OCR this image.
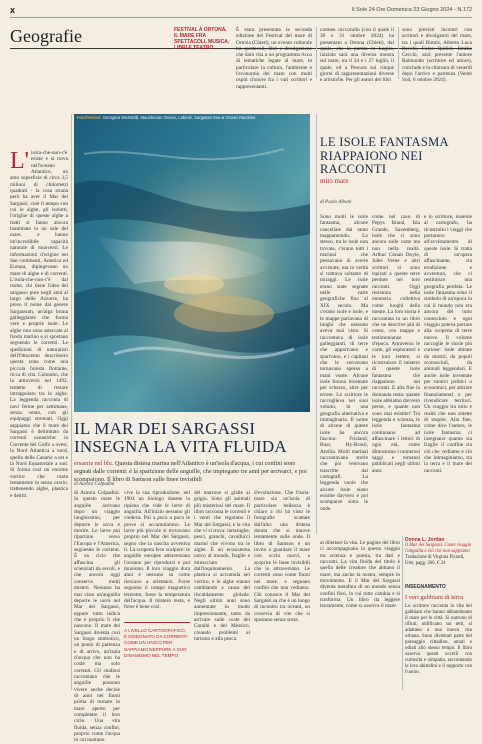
x	Il Sole 24 Ore Domenica 23 Giugno 2024 - N.172
Geografie	FESTIVAL A ORTONA. IL MARE FRA SPETTACOLI, MUSICA, LIBRI E TEATRO
È stata presentata la seconda edizione del Festival del mare di Ortona (Chieti), un evento culturale tra spettacoli, libri e divulgazione che darà vita a un programma ricco di tematiche legate al mare, in particolare la cultura, l'ambiente e l'economia del mare con molti ospiti d'onore fra i vari scrittori e rappresentanti.
carmen cuccurullo (con il quale il 30 e 31 ottobre 2024) ha presentato a Ortona (Chieti), dal quale, che la partita in Luglio, iniziato sarà una diversa mostra sul mare, tra il 24 e i 27 luglio, il quale, ed a Pescara sui cinque giorni di rappresentazioni diverse e artistiche. Per gli autori dei libri
sono previsti incontri con scrittori e divulgatori del mare, tra i quali Rumiz, Alberto Luca Recchi, Folco Quilici, Emilio Cecchi, sarà presente l'autore Raimondo (scrittore ed attore), conclude e la chiusura di venerdì dopo l'arrivo e partenza (Vento Sud, 6 ottobre 2024).
L' isola-che-non-c'è esiste e si trova nell'oceano Atlantico, un amo superficie di circa 3,5 milioni di chilometri quadrati - la cosa strana però ha aver il Mar dei Sargassi, cioè il tempo con cui le alghe, gli isolotti, l'origine di queste alghe a tratti si fanno ancora inanimate in un sole del mare, e hanno un'incredibile capacità naturale di muoversi. Le informazioni d'origine nei due continenti, America ed Europa, dipingevano un mare di alghe e di correnti. L'isola-che-non-c'è dal nome, chi tiene l'idea del sargasso pure negli anni al largo delle Azzorre, ha preso il nome dal genere Sargassum, un'alga bruna galleggiante che forma vere e proprie isole. Le alghe non sono attaccate al fondo marino e si spostano seguendo le correnti. Le spedizioni di naturalisti dell'Ottocento descrissero questa zona come una piccola foresta flottante, ricca di vita. Colombo, che la attraversò nel 1492, temette di restare intrappolato tra le alghe. La leggenda racconta di navi ferme per settimane, senza vento, con gli equipaggi stremati. Oggi sappiamo che il mare dei Sargassi è delimitato da correnti oceaniche: la Corrente del Golfo a ovest, la Nord Atlantica a nord, quella delle Canarie a est e la Nord Equatoriale a sud. Si forma così un enorme vortice che ruota lentamente in senso orario, trattenendo alghe, plastica e detriti.
Fotofestival. Georgina Wickstrål, Mauritanian Ocean, Lübeck, Sargasso Sea & Ocean Rainbow
LE ISOLE FANTASMA RIAPPAIONO NEI RACCONTI
mito mare
di Paolo Albani
Sono molti le isole fantasma, alcune cancellate dai tanto mappamondo. Lo stesso, tra le isole non trovate, c'erano tutti i marinai che pensavano di averle avvistate, ma in verità si trattava soltanto di miraggi. Le isole erano state segnate nelle carte geografiche fino al XIX secolo. Ma c'erano isole e isole, e le mappe parlavano di luoghi che nessuno aveva mai visto. Si raccontava di isole galleggianti, di terre che apparivano e sparivano, e i capitani che le cercavano tornavano spesso a mani vuote. Alcune isole furono inventate per scherzo, altre per errore. Lo scrittore le raccoglieva nei suoi volumi, in una geografia alternativa e immaginaria. Il nome di alcune di queste isole ha ancora fascino: Frisland, Buss, Hy-Brasil, Antilia. Molti marinai raccontavano storie che poi venivano trascritte dai cartografi. La leggenda vuole che alcune isole siano esistite davvero e poi scomparse sotto le onde.
come nel caso di Pepys Island, Isla Grande, Saxemberg, isole che ci sono ancora sulle carte ma non nella realtà. Arthur Conan Doyle, Jules Verne e altri scrittori si sono ispirati a queste terre perdute nei loro racconti. Oggi resistono nella memoria collettiva come luoghi della mente. La loro storia è raccontata in un libro che ne descrive più di cento, con mappe e testimonianze d'epoca. Attraverso le carte, gli esploratori e le loro lettere, si ricostruisce il mistero di queste isole fantasma che riappaiono nei racconti. E alla fine la domanda resta: quante isole abbiamo davvero perso, e quante non sono mai esistite? Tra leggenda e scienza, le isole fantasma continuano ad affascinare i lettori di ogni età, come dimostrano i numerosi saggi e romanzi pubblicati negli ultimi anni.
e lo scrittore, insieme al cartografo, ha ricostruito i viaggi che portarono all'avvistamento di queste isole. Si tratta di un'opera affascinante, tra erudizione e avventura, che ci restituisce una geografia perduta. Le isole fantasma sono il simbolo di un'epoca in cui il mondo non era ancora del tutto conosciuto e ogni viaggio poteva portare alla scoperta di terre nuove. Il volume raccoglie le storie più curiose: isole abitate da mostri, da popoli sconosciuti, da animali leggendari. E anche isole inventate per motivi politici o economici, per attirare finanziamenti o per rivendicare territori. Un viaggio tra mito e realtà che non smette di stupire. Alla fine, come dice l'autore, le isole fantasma ci insegnano quanto sia fragile il confine tra ciò che vediamo e ciò che immaginiamo, tra la terra e il mare dei racconti.
IL MAR DEI SARGASSI INSEGNA LA VITA FLUIDA
ersaerie nel blu. Questa distesa marina nell'Atlantico è un'isola d'acqua, i cui confini sono segnati dalle correnti: è la sparizione delle anguille, che impiegano tre anni per arrivarci, e poi scompaiono. Il libro di Samson sulle linee invisibili
di Aurora Colpadini
di Aurora Colpadini. In questo mare le anguille arrivano dopo un viaggio lunghissimo, per deporre le uova e morire. Le larve poi ripartono verso l'Europa e l'America, seguendo le correnti. È un ciclo che affascina gli scienziati da secoli, e che ancora oggi conserva molti misteri. Nessuno ha mai visto un'anguilla deporre le uova nel Mar dei Sargassi, eppure tutto indica che è proprio lì che nascono. Il mare dei Sargassi diventa così un luogo simbolico, un punto di partenza e di arrivo, un'isola d'acqua che non ha coste ma solo correnti. Gli studiosi raccontano che le anguille possono vivere anche decine di anni nei fiumi prima di tornare in mare aperto per completare il loro ciclo. Una vita fluida, senza confini, proprio come l'acqua in cui nuotano.
vive la sua riproduzione, nel 1904 un biologo danese la ripiena che vide le larve di anguilla. All'inizio nessuno gli credeva. Poi a poco a poco le prove si accumularono. Le larve più piccole si trovavano proprio nel Mar dei Sargassi, segno che la nascita avveniva lì. La scoperta fece scalpore: le anguille europee attraversano l'oceano per riprodursi e poi muoiono. Il loro viaggio dura anni e nessuno sa come riescano a orientarsi. Forse seguono il campo magnetico terrestre, forse la temperatura dell'acqua. Il mistero resta, e forse è bene così.
A LIVELLO CARTOGRAFICO, È DISEGNATO DA CORRENTI COME UN UNICO PER SAPPIAMO NEPPURE A SUO DINAMISMO NEL TEMPO
del marrone si gialle ai grigio. Sono gli animali più misteriosi del mare. Il libro racconta le correnti e i venti che regolano il Mar dei Sargassi, e la vita che vi si trova: tartarughe, pesci, granchi, cavallucci marini che vivono tra le alghe. È un ecosistema unico al mondo, fragile e minacciato dall'inquinamento. La plastica si accumula nel vortice, e le alghe stanno cambiando a causa del riscaldamento globale. Negli ultimi anni sono aumentate in modo impressionante, tanto da arrivare sulle coste dei Caraibi e del Messico, creando problemi al turismo e alla pesca.
d'evoluzione. Che l'isola-mare sia un'isola di particolare bellezza è chiaro a chi ha visto le fotografie scattate dall'alto: una distesa dorata che si muove lentamente sulle onde. Il libro di Samson è un invito a guardare il mare con occhi nuovi, a scoprire le linee invisibili che lo attraversano. Le correnti sono come fiumi nel mare, e segnano confini che non vediamo. Chi conosce il Mar dei Sargassi sa che è un luogo di incontro tra oceani, un crocevia di vite che si spostano senza sosta.
al dilettare la vita. Le pagine del libro ci accompagnano in questo viaggio tra scienza e poesia, tra dati e racconti. La vita fluida del titolo è quella delle creature che abitano il mare, ma anche la nostra, sempre in movimento. E il Mar dei Sargassi diventa metafora di un mondo senza confini fissi, in cui tutto cambia e si trasforma. Un libro da leggere lentamente, come si osserva il mare.
Donna L. Jordan
Il Mar dei Sargassi. Come viaggia l'anguilla e ciò che non sappiamo
Traduzione di Virginia Picardi, Utet, pagg. 260, € 24
INSEGNAMENTO
I veri gabbiani di terra
Lo scrittore racconta la vita dei gabbiani che hanno abbandonato il mare per le città. Si nutrono di rifiuti, nidificano sui tetti, si adattano a una nuova vita urbana. Sono diventati parte del paesaggio cittadino, amati e odiati allo stesso tempo. Il libro osserva questi uccelli con curiosità e simpatia, raccontando le loro abitudini e il rapporto con l'uomo.
